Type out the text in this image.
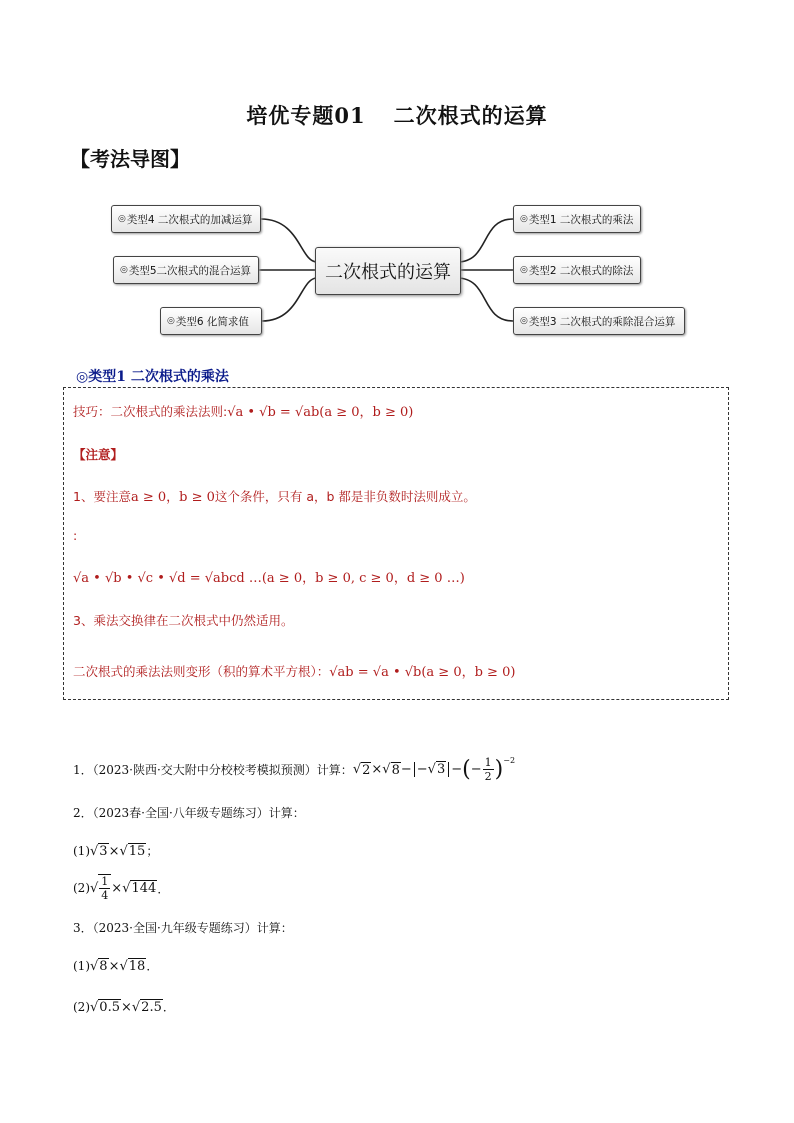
培优专题01 二次根式的运算
【考法导图】
二次根式的运算
◎ 类型4 二次根式的加减运算
◎ 类型5二次根式的混合运算
◎ 类型6 化简求值
◎ 类型1 二次根式的乘法
◎ 类型2 二次根式的除法
◎ 类型3 二次根式的乘除混合运算
◎类型1 二次根式的乘法
技巧：二次根式的乘法法则:√a • √b = √ab(a ≥ 0，b ≥ 0)
【注意】
1、要注意a ≥ 0，b ≥ 0这个条件，只有 a，b 都是非负数时法则成立。
:
√a • √b • √c • √d = √abcd …(a ≥ 0，b ≥ 0, c ≥ 0，d ≥ 0 …)
3、乘法交换律在二次根式中仍然适用。
二次根式的乘法法则变形（积的算术平方根）：√ab = √a • √b(a ≥ 0，b ≥ 0)
1．（2023·陕西·交大附中分校校考模拟预测）计算： √ 2 ×√ 8 − −√3 − ( − 1
2 )$^{-2}$
2．（2023春·全国·八年级专题练习）计算：
(1)√3×√15；
(2) √ 1
4 ×√ 144 ．
3．（2023·全国·九年级专题练习）计算：
(1)√8×√18．
(2)√0.5×√2.5．
